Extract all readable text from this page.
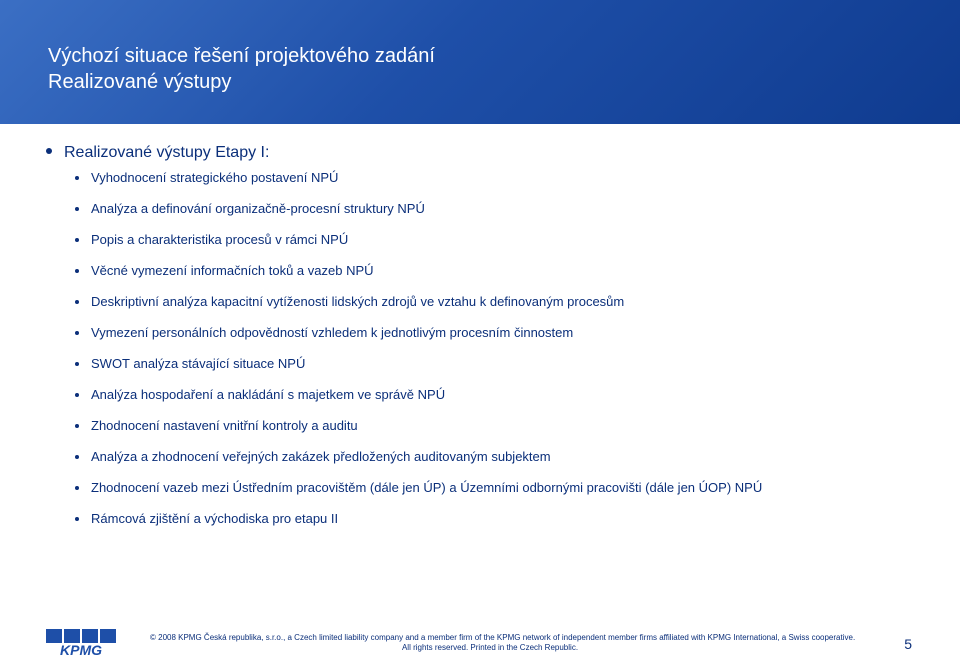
Výchozí situace řešení projektového zadání
Realizované výstupy
Realizované výstupy Etapy I:
Vyhodnocení strategického postavení NPÚ
Analýza a definování organizačně-procesní struktury NPÚ
Popis a charakteristika procesů v rámci NPÚ
Věcné vymezení informačních toků a vazeb NPÚ
Deskriptivní analýza kapacitní vytíženosti lidských zdrojů ve vztahu k definovaným procesům
Vymezení personálních odpovědností vzhledem k jednotlivým procesním činnostem
SWOT analýza stávající situace NPÚ
Analýza hospodaření a nakládání s majetkem ve správě NPÚ
Zhodnocení nastavení vnitřní kontroly a auditu
Analýza a zhodnocení veřejných zakázek předložených auditovaným subjektem
Zhodnocení vazeb mezi Ústředním pracovištěm (dále jen ÚP) a Územními odbornými pracovišti (dále jen ÚOP) NPÚ
Rámcová zjištění a východiska pro etapu II
KPMG
© 2008 KPMG Česká republika, s.r.o., a Czech limited liability company and a member firm of the KPMG network of independent member firms affiliated with KPMG International, a Swiss cooperative.
All rights reserved. Printed in the Czech Republic.	5
